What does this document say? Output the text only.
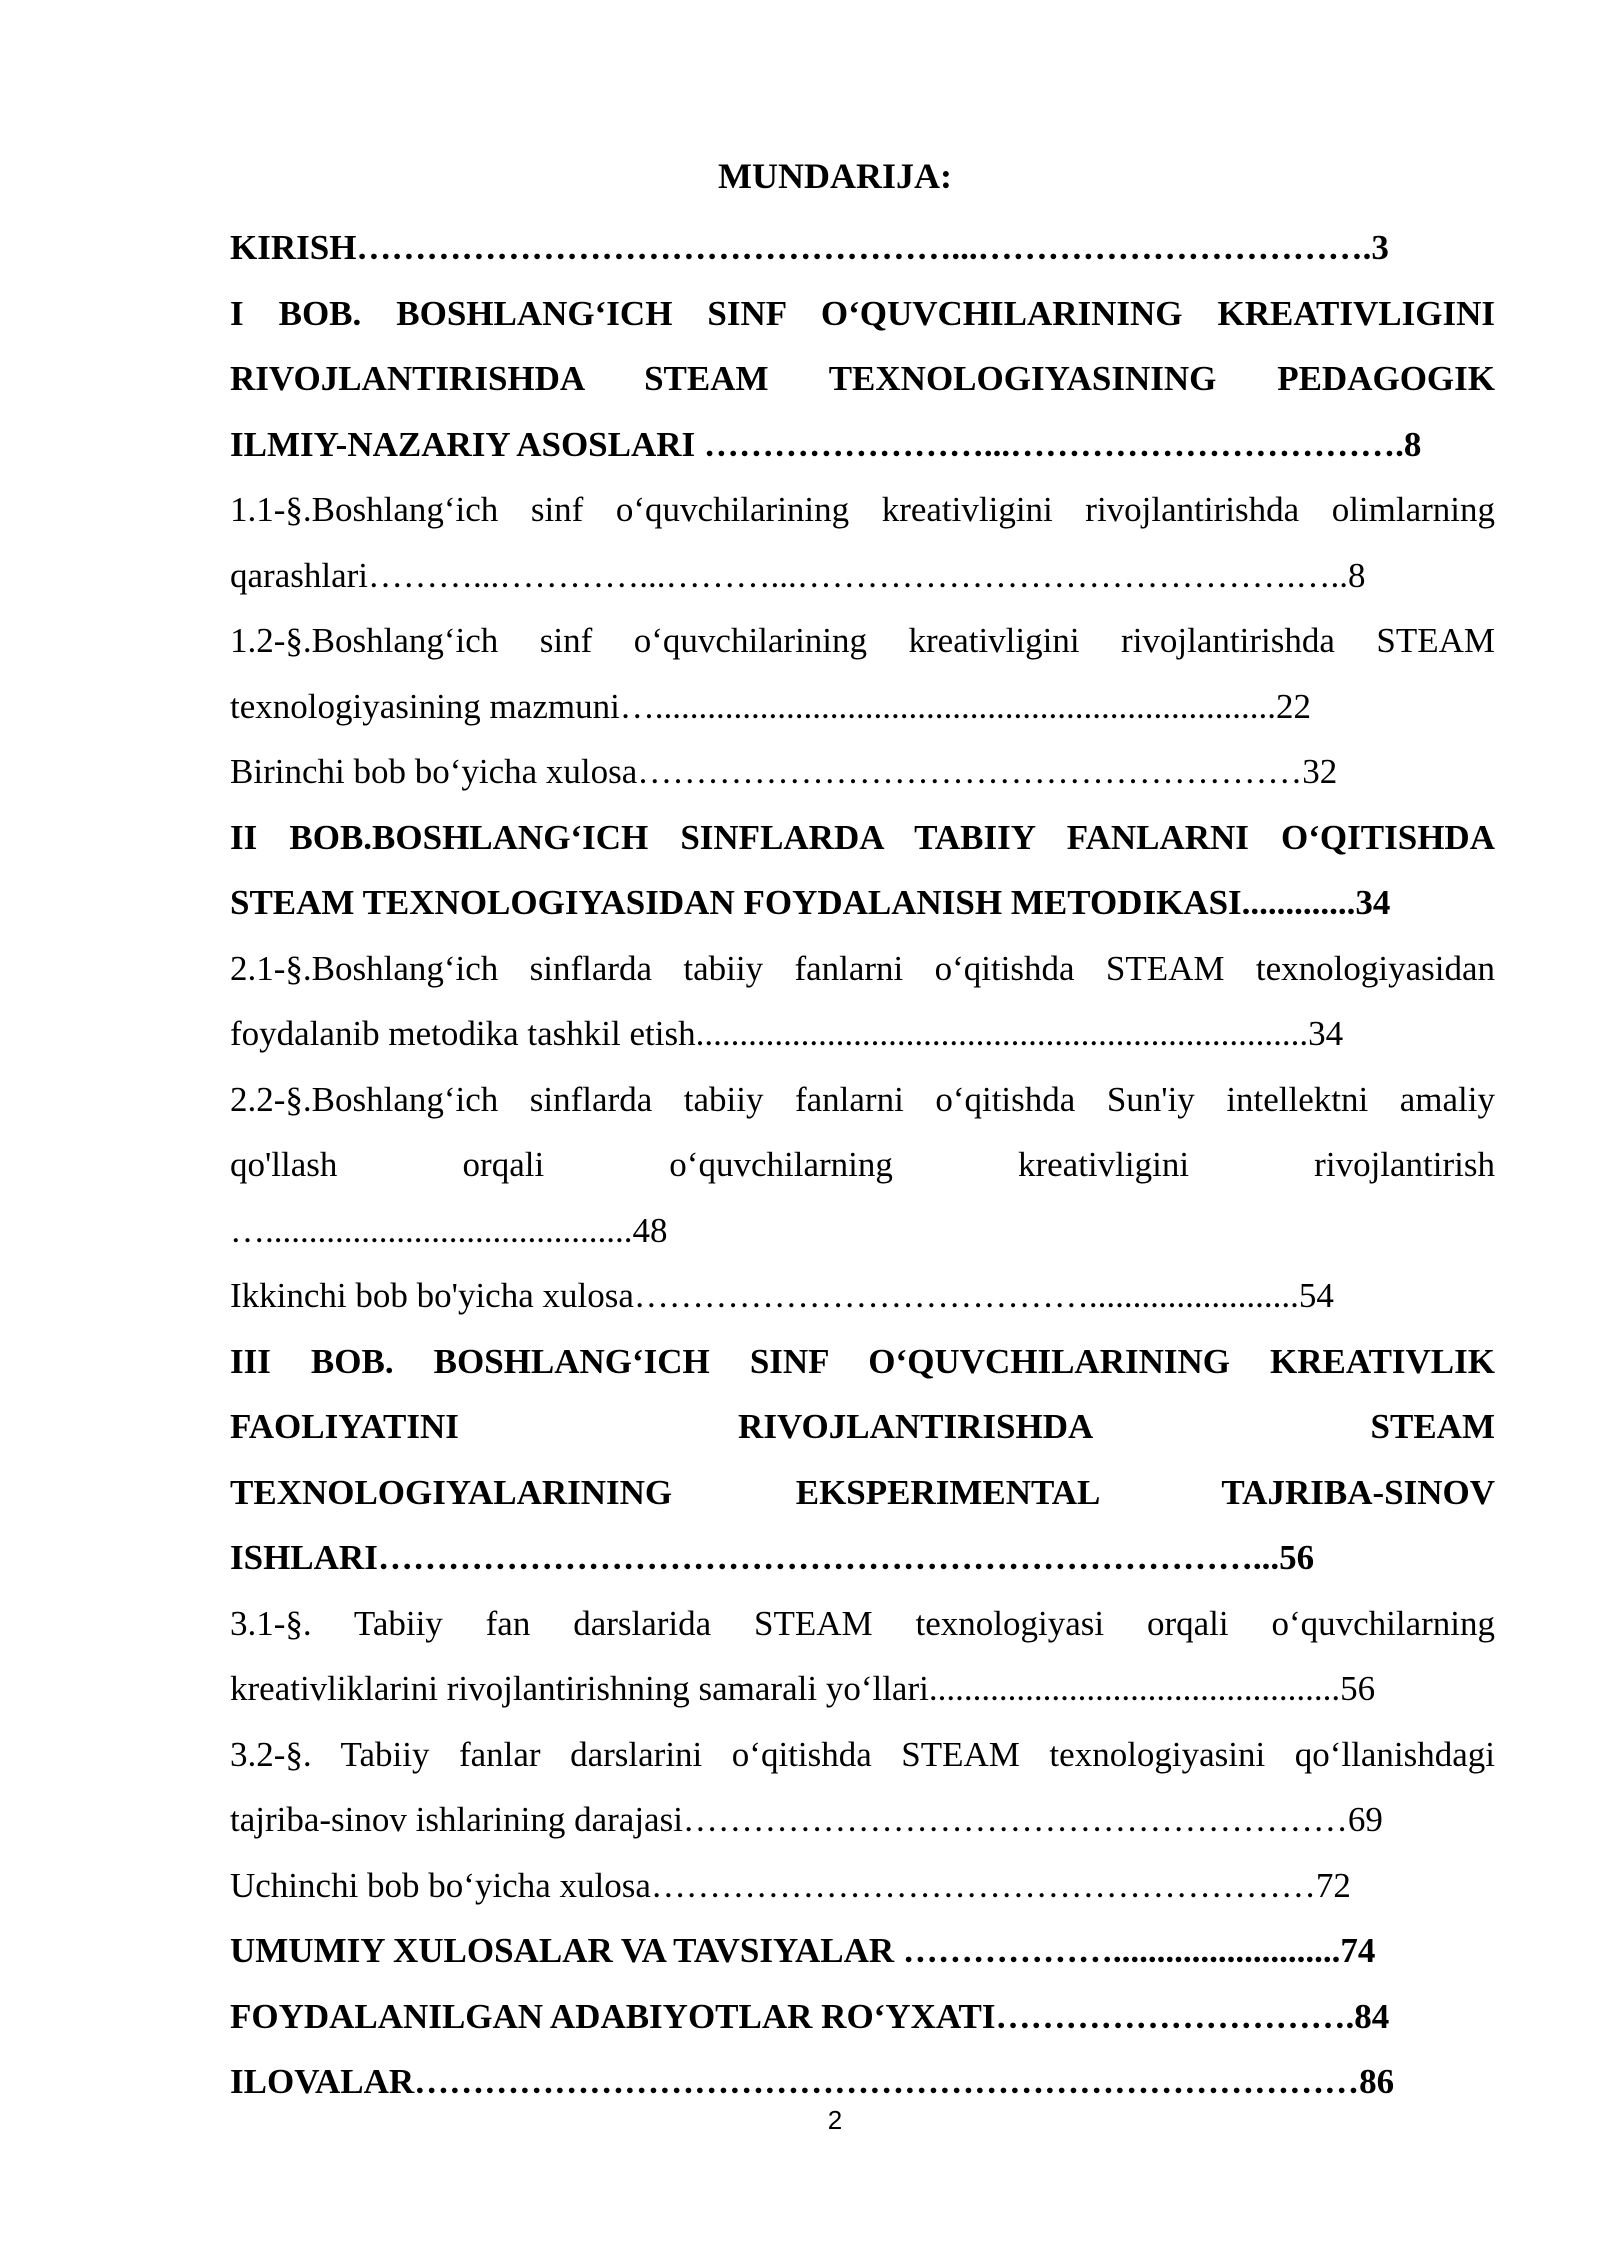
MUNDARIJA:
KIRISH……………………………………………...…………………………….3
I BOB. BOSHLANG‘ICH SINF O‘QUVCHILARINING KREATIVLIGINI
RIVOJLANTIRISHDA STEAM TEXNOLOGIYASINING PEDAGOGIK
ILMIY-NAZARIY ASOSLARI ……………………...…………………………….8
1.1-§.Boshlang‘ich sinf o‘quvchilarining kreativligini rivojlantirishda olimlarning
qarashlari………...…………...………...…………………………………….…..8
1.2-§.Boshlang‘ich sinf o‘quvchilarining kreativligini rivojlantirishda STEAM
texnologiyasining mazmuni….......................................................................22
Birinchi bob bo‘yicha xulosa…………………………………………………32
II BOB.BOSHLANG‘ICH SINFLARDA TABIIY FANLARNI O‘QITISHDA
STEAM TEXNOLOGIYASIDAN FOYDALANISH METODIKASI.............34
2.1-§.Boshlang‘ich sinflarda tabiiy fanlarni o‘qitishda STEAM texnologiyasidan
foydalanib metodika tashkil etish......................................................................34
2.2-§.Boshlang‘ich sinflarda tabiiy fanlarni o‘qitishda Sun'iy intellektni amaliy
qo'llash orqali o‘quvchilarning kreativligini rivojlantirish
…..........................................48
Ikkinchi bob bo'yicha xulosa…………………………………........................54
III BOB. BOSHLANG‘ICH SINF O‘QUVCHILARINING KREATIVLIK
FAOLIYATINI RIVOJLANTIRISHDA STEAM
TEXNOLOGIYALARINING EKSPERIMENTAL TAJRIBA-SINOV
ISHLARI…………………………………………………………………...56
3.1-§. Tabiiy fan darslarida STEAM texnologiyasi orqali o‘quvchilarning
kreativliklarini rivojlantirishning samarali yo‘llari...............................................56
3.2-§. Tabiiy fanlar darslarini o‘qitishda STEAM texnologiyasini qo‘llanishdagi
tajriba-sinov ishlarining darajasi…………………………………………………69
Uchinchi bob bo‘yicha xulosa…………………………………………………72
UMUMIY XULOSALAR VA TAVSIYALAR ………………..........................74
FOYDALANILGAN ADABIYOTLAR RO‘YXATI………………………….84
ILOVALAR………………………………………………………………………86
2
